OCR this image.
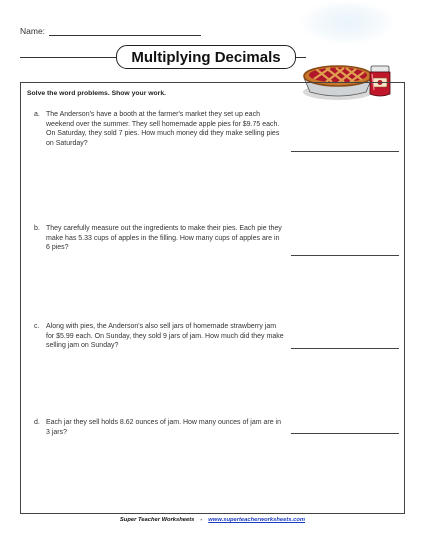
Name:
Multiplying Decimals
Solve the word problems. Show your work.
a. The Anderson's have a booth at the farmer's market they set up each weekend over the summer. They sell homemade apple pies for $9.75 each. On Saturday, they sold 7 pies. How much money did they make selling pies on Saturday?
b. They carefully measure out the ingredients to make their pies. Each pie they make has 5.33 cups of apples in the filling. How many cups of apples are in 6 pies?
c. Along with pies, the Anderson's also sell jars of homemade strawberry jam for $5.99 each. On Sunday, they sold 9 jars of jam. How much did they make selling jam on Sunday?
d. Each jar they sell holds 8.62 ounces of jam. How many ounces of jam are in 3 jars?
Super Teacher Worksheets - www.superteacherworksheets.com
